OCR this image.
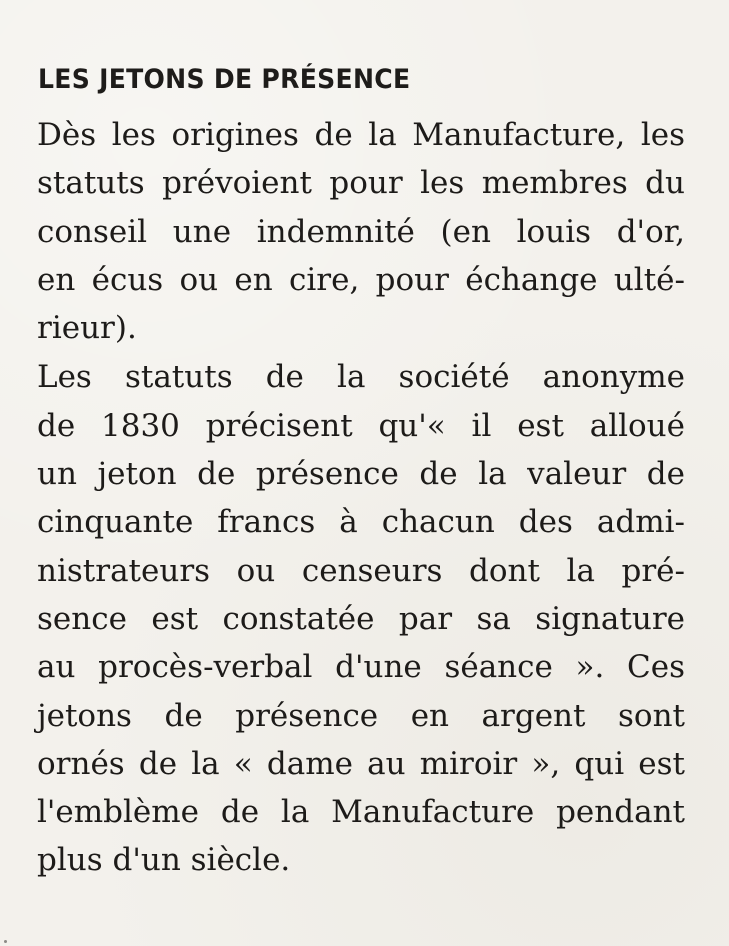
LES JETONS DE PRÉSENCE
Dès les origines de la Manufacture, les
statuts prévoient pour les membres du
conseil une indemnité (en louis d'or,
en écus ou en cire, pour échange ulté-
rieur).
Les statuts de la société anonyme
de 1830 précisent qu'« il est alloué
un jeton de présence de la valeur de
cinquante francs à chacun des admi-
nistrateurs ou censeurs dont la pré-
sence est constatée par sa signature
au procès-verbal d'une séance ». Ces
jetons de présence en argent sont
ornés de la « dame au miroir », qui est
l'emblème de la Manufacture pendant
plus d'un siècle.
